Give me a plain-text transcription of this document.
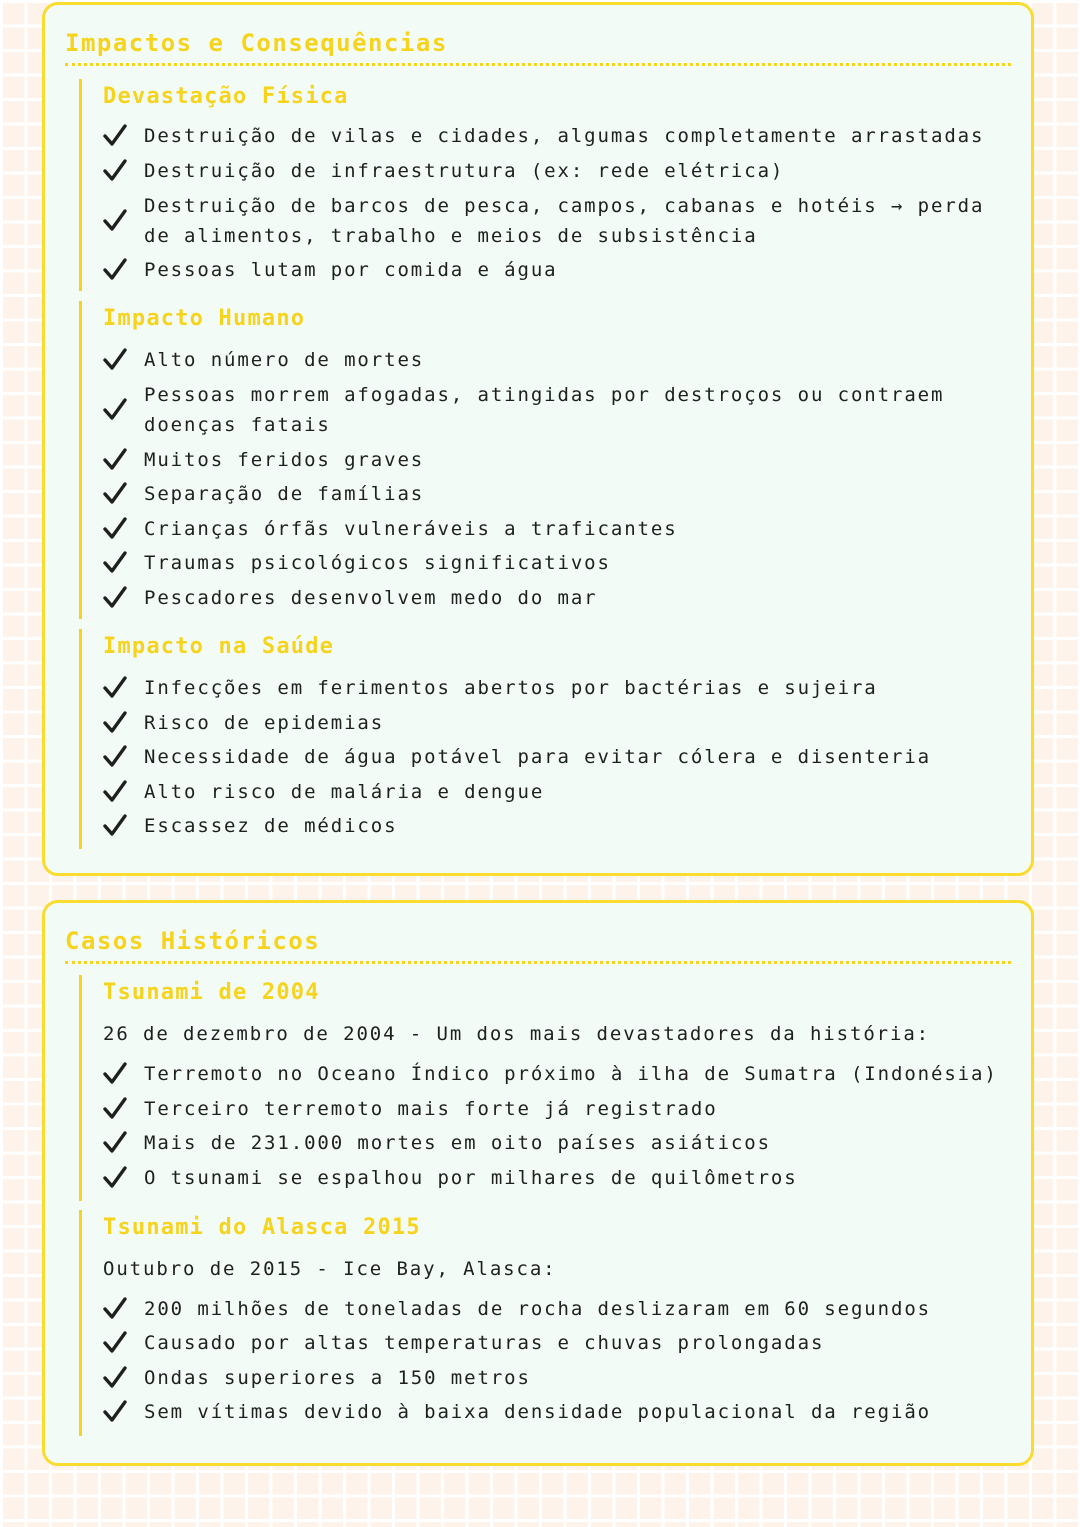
Impactos e Consequências
Devastação Física
Destruição de vilas e cidades, algumas completamente arrastadas
Destruição de infraestrutura (ex: rede elétrica)
Destruição de barcos de pesca, campos, cabanas e hotéis → perda de alimentos, trabalho e meios de subsistência
Pessoas lutam por comida e água
Impacto Humano
Alto número de mortes
Pessoas morrem afogadas, atingidas por destroços ou contraem doenças fatais
Muitos feridos graves
Separação de famílias
Crianças órfãs vulneráveis a traficantes
Traumas psicológicos significativos
Pescadores desenvolvem medo do mar
Impacto na Saúde
Infecções em ferimentos abertos por bactérias e sujeira
Risco de epidemias
Necessidade de água potável para evitar cólera e disenteria
Alto risco de malária e dengue
Escassez de médicos
Casos Históricos
Tsunami de 2004
26 de dezembro de 2004 - Um dos mais devastadores da história:
Terremoto no Oceano Índico próximo à ilha de Sumatra (Indonésia)
Terceiro terremoto mais forte já registrado
Mais de 231.000 mortes em oito países asiáticos
O tsunami se espalhou por milhares de quilômetros
Tsunami do Alasca 2015
Outubro de 2015 - Ice Bay, Alasca:
200 milhões de toneladas de rocha deslizaram em 60 segundos
Causado por altas temperaturas e chuvas prolongadas
Ondas superiores a 150 metros
Sem vítimas devido à baixa densidade populacional da região
